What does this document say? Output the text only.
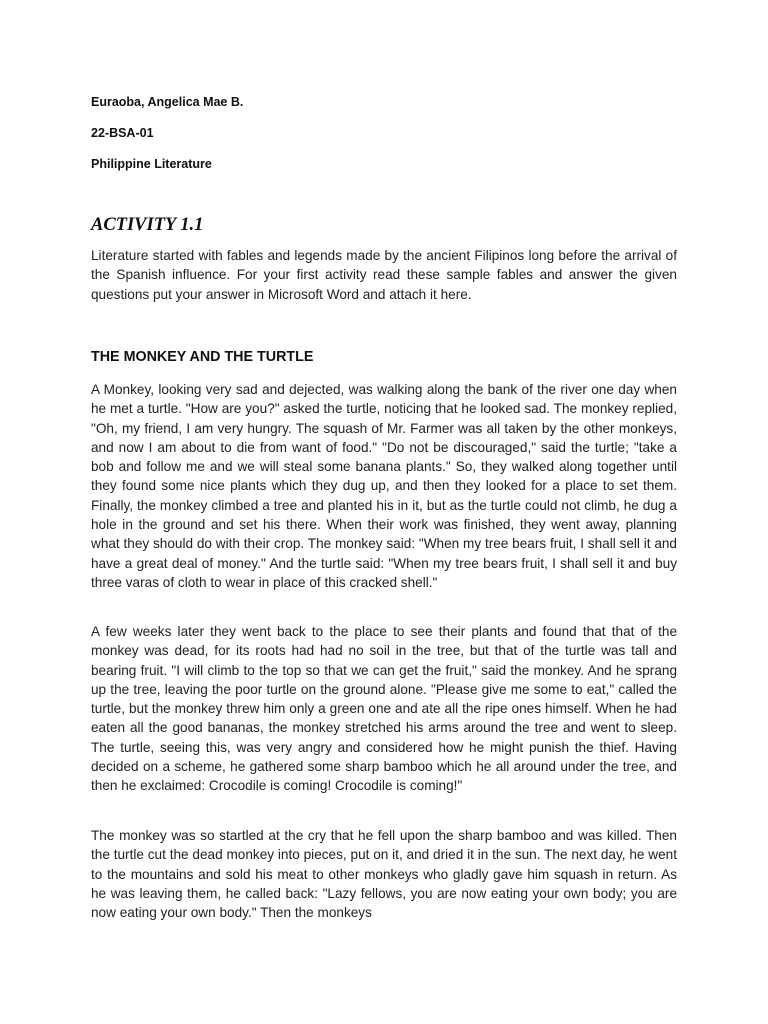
Euraoba, Angelica Mae B.
22-BSA-01
Philippine Literature
ACTIVITY 1.1

Literature started with fables and legends made by the ancient Filipinos long before the arrival of the Spanish influence. For your first activity read these sample fables and answer the given questions put your answer in Microsoft Word and attach it here.

THE MONKEY AND THE TURTLE

A Monkey, looking very sad and dejected, was walking along the bank of the river one day when he met a turtle. "How are you?" asked the turtle, noticing that he looked sad. The monkey replied, "Oh, my friend, I am very hungry. The squash of Mr. Farmer was all taken by the other monkeys, and now I am about to die from want of food." "Do not be discouraged," said the turtle; "take a bob and follow me and we will steal some banana plants." So, they walked along together until they found some nice plants which they dug up, and then they looked for a place to set them. Finally, the monkey climbed a tree and planted his in it, but as the turtle could not climb, he dug a hole in the ground and set his there. When their work was finished, they went away, planning what they should do with their crop. The monkey said: "When my tree bears fruit, I shall sell it and have a great deal of money." And the turtle said: "When my tree bears fruit, I shall sell it and buy three varas of cloth to wear in place of this cracked shell."

A few weeks later they went back to the place to see their plants and found that that of the monkey was dead, for its roots had had no soil in the tree, but that of the turtle was tall and bearing fruit. "I will climb to the top so that we can get the fruit," said the monkey. And he sprang up the tree, leaving the poor turtle on the ground alone. "Please give me some to eat," called the turtle, but the monkey threw him only a green one and ate all the ripe ones himself. When he had eaten all the good bananas, the monkey stretched his arms around the tree and went to sleep. The turtle, seeing this, was very angry and considered how he might punish the thief. Having decided on a scheme, he gathered some sharp bamboo which he all around under the tree, and then he exclaimed: Crocodile is coming! Crocodile is coming!"

The monkey was so startled at the cry that he fell upon the sharp bamboo and was killed. Then the turtle cut the dead monkey into pieces, put on it, and dried it in the sun. The next day, he went to the mountains and sold his meat to other monkeys who gladly gave him squash in return. As he was leaving them, he called back: "Lazy fellows, you are now eating your own body; you are now eating your own body." Then the monkeys
